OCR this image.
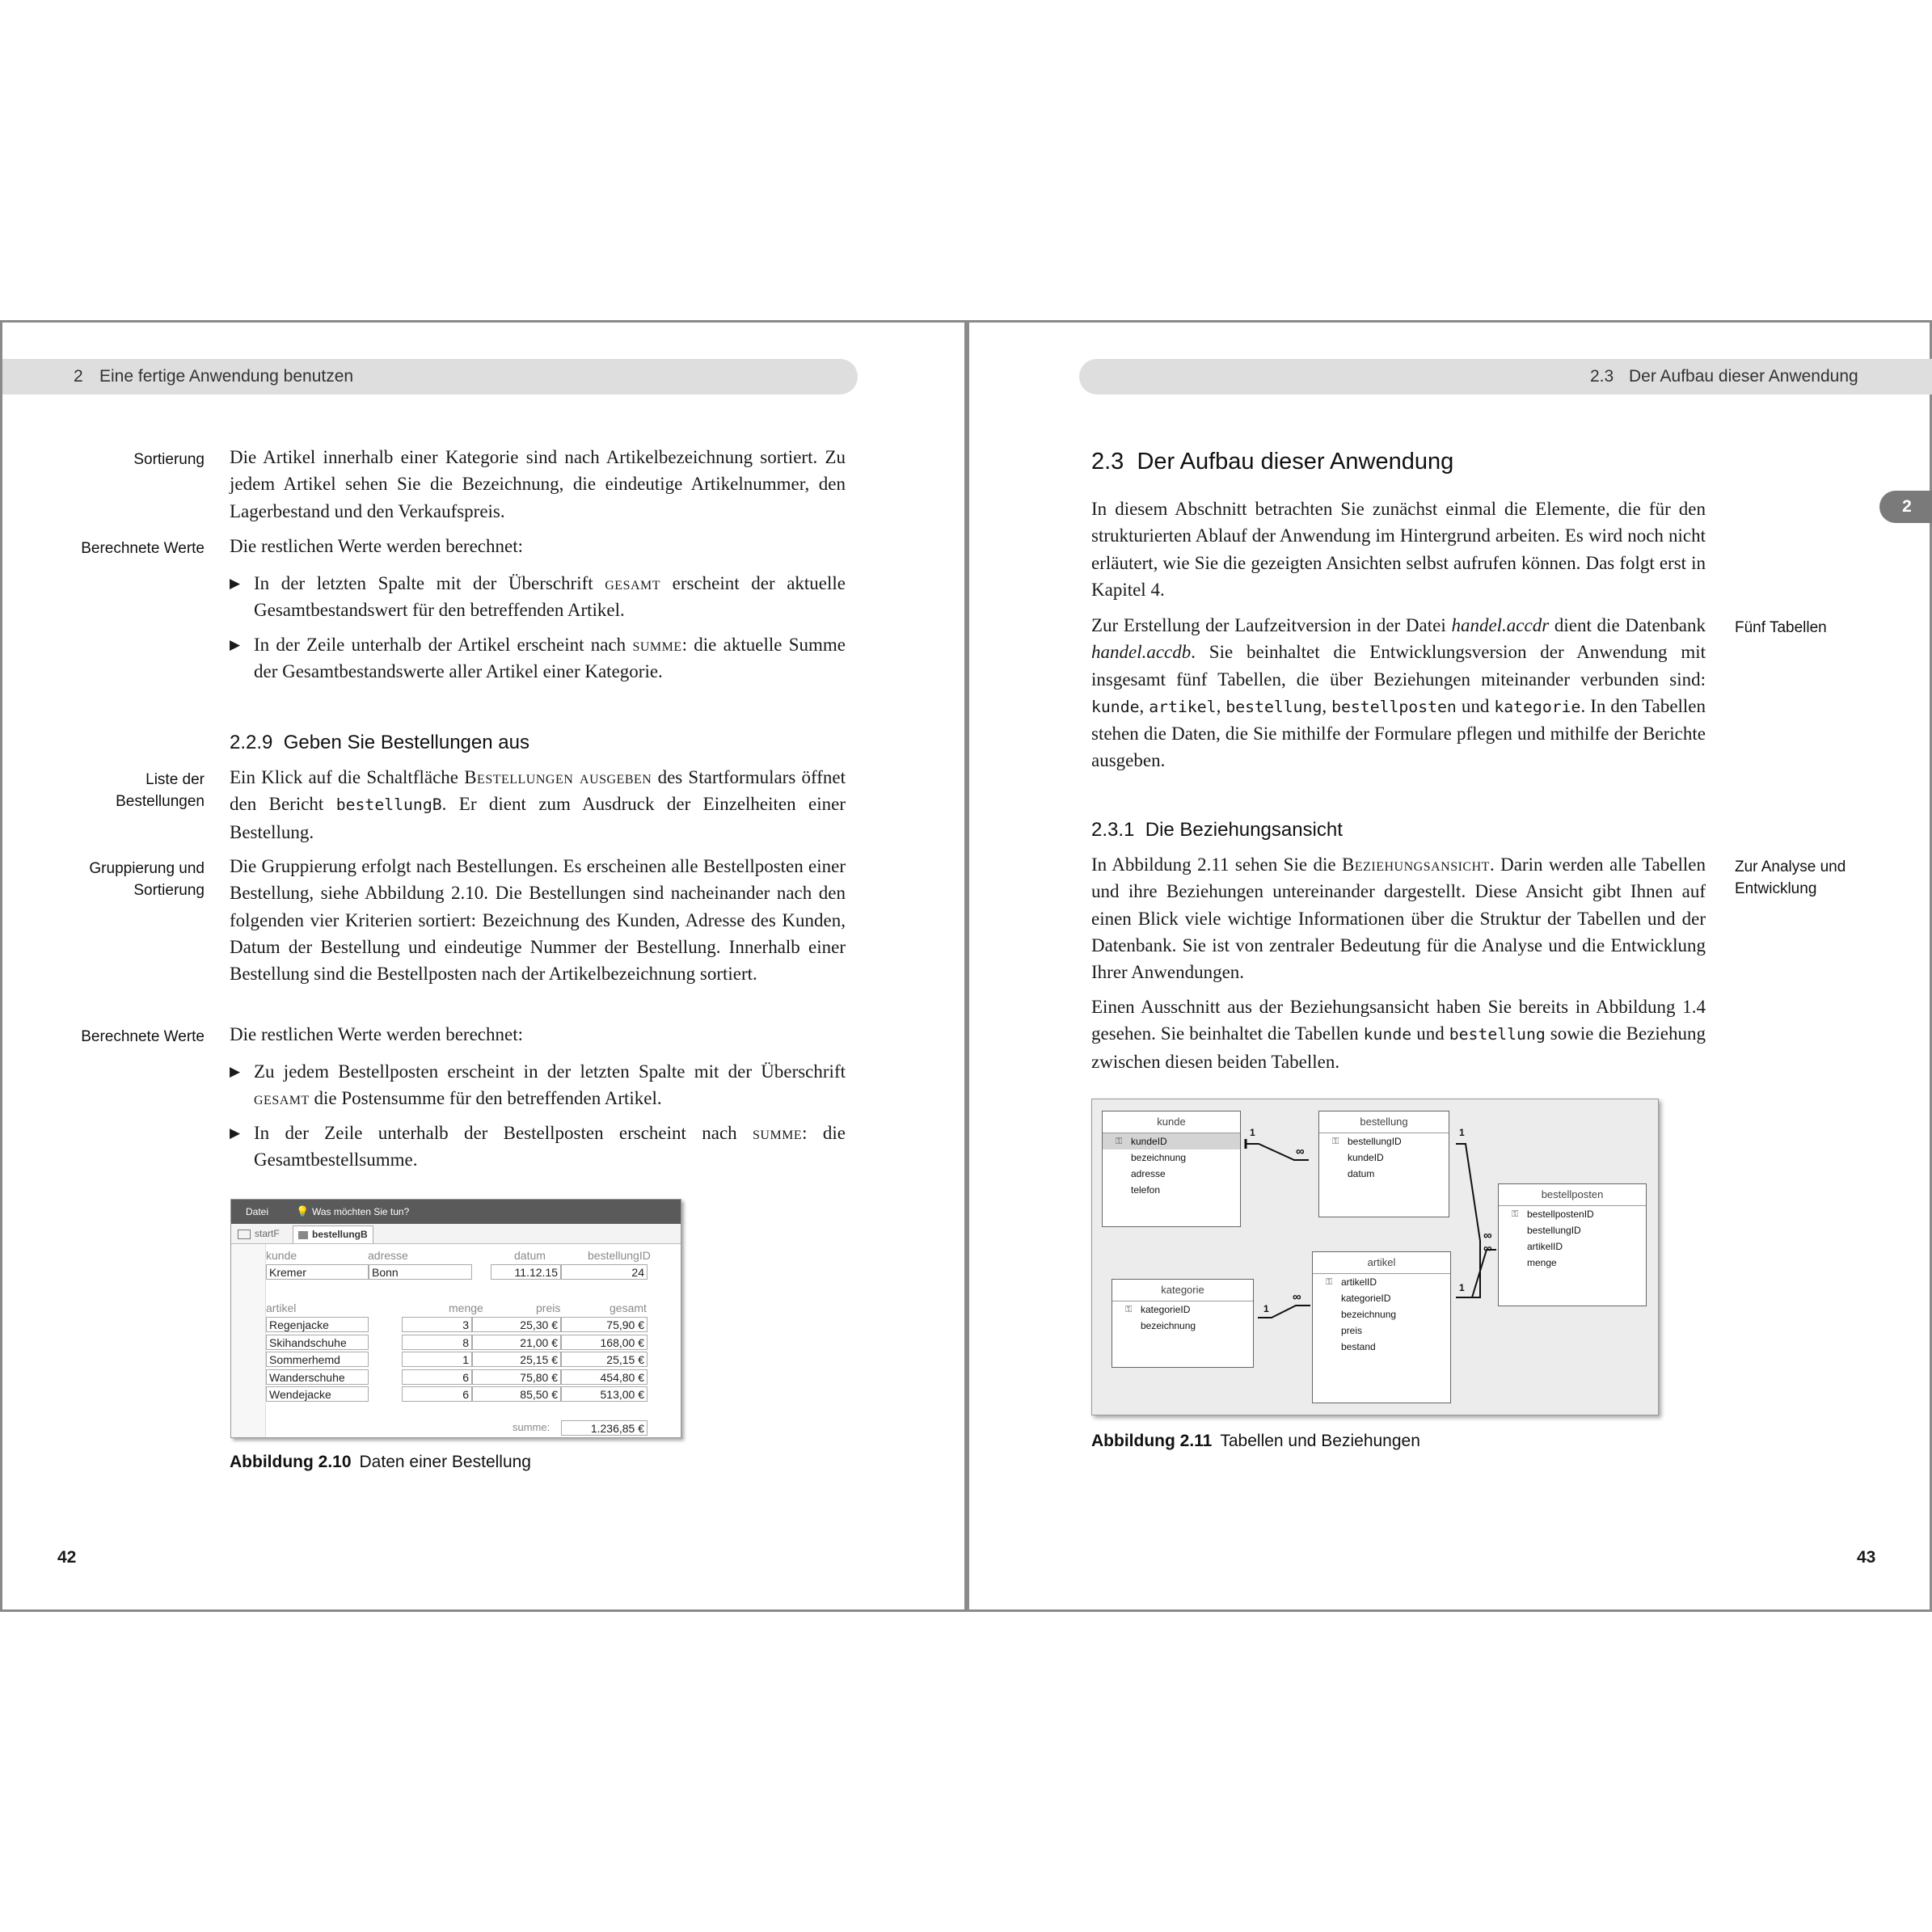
2 Eine fertige Anwendung benutzen
Sortierung Die Artikel innerhalb einer Kategorie sind nach Artikelbezeichnung sortiert. Zu jedem Artikel sehen Sie die Bezeichnung, die eindeutige Artikelnummer, den Lagerbestand und den Verkaufspreis.

Berechnete Werte Die restlichen Werte werden berechnet:

▶ In der letzten Spalte mit der Überschrift gesamt erscheint der aktuelle Gesamtbestandswert für den betreffenden Artikel.
▶ In der Zeile unterhalb der Artikel erscheint nach summe: die aktuelle Summe der Gesamtbestandswerte aller Artikel einer Kategorie.
2.2.9 Geben Sie Bestellungen aus
Liste der
Bestellungen

Ein Klick auf die Schaltfläche Bestellungen ausgeben des Startformulars öffnet den Bericht bestellungB. Er dient zum Ausdruck der Einzelheiten einer Bestellung.

Gruppierung und
Sortierung

Die Gruppierung erfolgt nach Bestellungen. Es erscheinen alle Bestellposten einer Bestellung, siehe Abbildung 2.10. Die Bestellungen sind nacheinander nach den folgenden vier Kriterien sortiert: Bezeichnung des Kunden, Adresse des Kunden, Datum der Bestellung und eindeutige Nummer der Bestellung. Innerhalb einer Bestellung sind die Bestellposten nach der Artikelbezeichnung sortiert.

Berechnete Werte Die restlichen Werte werden berechnet:

▶ Zu jedem Bestellposten erscheint in der letzten Spalte mit der Überschrift gesamt die Postensumme für den betreffenden Artikel.
▶ In der Zeile unterhalb der Bestellposten erscheint nach summe: die Gesamtbestellsumme.
Datei	💡 Was möchten Sie tun?
startF	bestellungB
kunde	adresse	datum	bestellungID
Kremer	Bonn	11.12.15	24
artikel	menge	preis	gesamt
Regenjacke	3	25,30 €	75,90 €
Skihandschuhe	8	21,00 €	168,00 €
Sommerhemd	1	25,15 €	25,15 €
Wanderschuhe	6	75,80 €	454,80 €
Wendejacke	6	85,50 €	513,00 €
summe:	1.236,85 €
Abbildung 2.10 Daten einer Bestellung
42
2.3 Der Aufbau dieser Anwendung
2
2.3 Der Aufbau dieser Anwendung

In diesem Abschnitt betrachten Sie zunächst einmal die Elemente, die für den strukturierten Ablauf der Anwendung im Hintergrund arbeiten. Es wird noch nicht erläutert, wie Sie die gezeigten Ansichten selbst aufrufen können. Das folgt erst in Kapitel 4.

Fünf Tabellen

Zur Erstellung der Laufzeitversion in der Datei handel.accdr dient die Datenbank handel.accdb. Sie beinhaltet die Entwicklungsversion der Anwendung mit insgesamt fünf Tabellen, die über Beziehungen miteinander verbunden sind: kunde, artikel, bestellung, bestellposten und kategorie. In den Tabellen stehen die Daten, die Sie mithilfe der Formulare pflegen und mithilfe der Berichte ausgeben.

2.3.1 Die Beziehungsansicht
Zur Analyse und
Entwicklung

In Abbildung 2.11 sehen Sie die Beziehungsansicht. Darin werden alle Tabellen und ihre Beziehungen untereinander dargestellt. Diese Ansicht gibt Ihnen auf einen Blick viele wichtige Informationen über die Struktur der Tabellen und der Datenbank. Sie ist von zentraler Bedeutung für die Analyse und die Entwicklung Ihrer Anwendungen.

Einen Ausschnitt aus der Beziehungsansicht haben Sie bereits in Abbildung 1.4 gesehen. Sie beinhaltet die Tabellen kunde und bestellung sowie die Beziehung zwischen diesen beiden Tabellen.

1
∞
1
∞
∞
1
1
∞
kunde
⚿ kundeID
bezeichnung
adresse
telefon
bestellung
⚿ bestellungID
kundeID
datum
bestellposten
⚿ bestellpostenID
bestellungID
artikelID
menge
kategorie
⚿ kategorieID
bezeichnung
artikel
⚿ artikelID
kategorieID
bezeichnung
preis
bestand
Abbildung 2.11 Tabellen und Beziehungen
43
